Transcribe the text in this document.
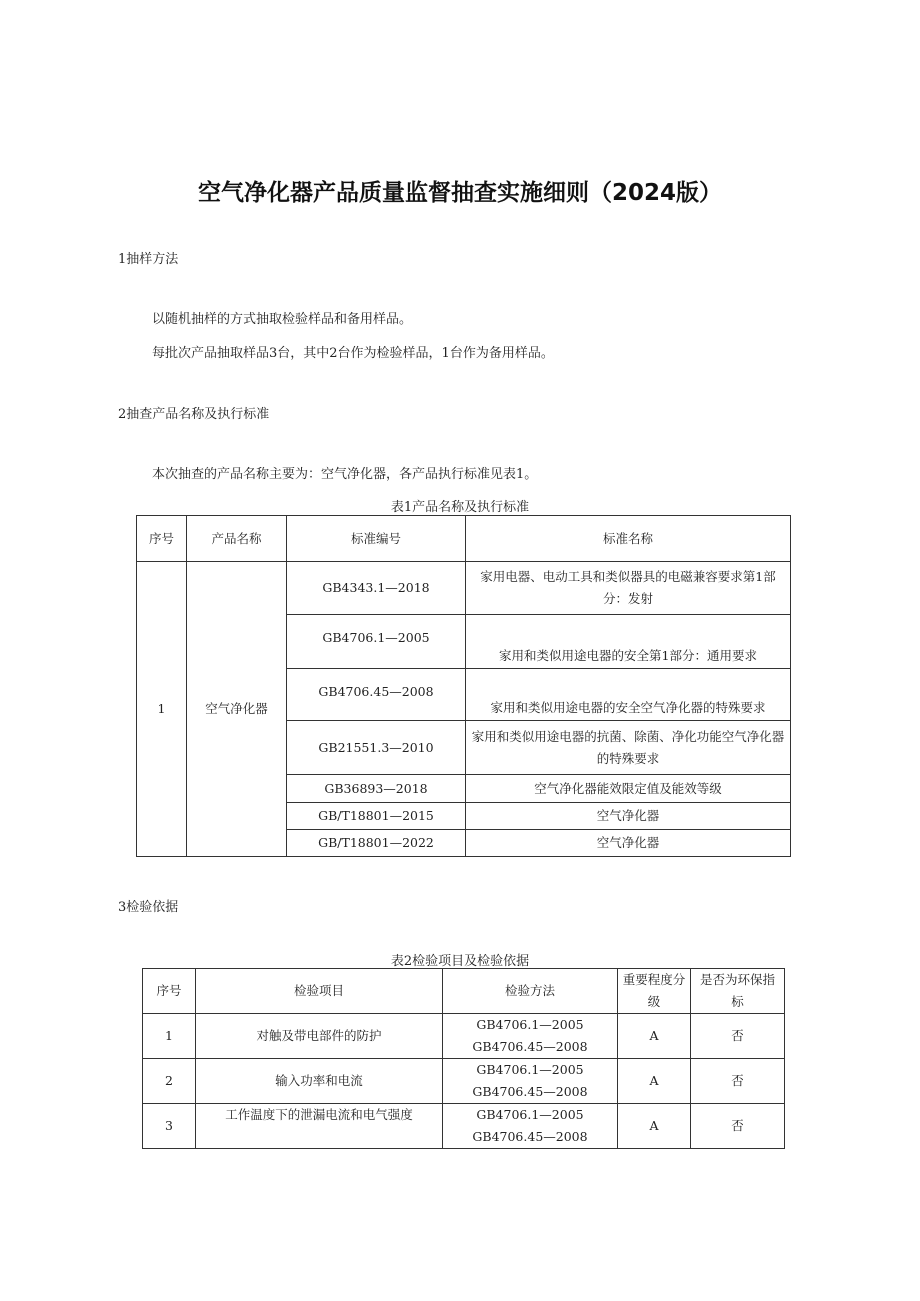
空气净化器产品质量监督抽查实施细则（2024版）
1抽样方法
以随机抽样的方式抽取检验样品和备用样品。
每批次产品抽取样品3台，其中2台作为检验样品，1台作为备用样品。
2抽查产品名称及执行标准
本次抽查的产品名称主要为：空气净化器，各产品执行标准见表1。
表1产品名称及执行标准
序号	产品名称	标准编号	标准名称
1	空气净化器	GB4343.1—2018	家用电器、电动工具和类似器具的电磁兼容要求第1部分：发射
		GB4706.1—2005	家用和类似用途电器的安全第1部分：通用要求
		GB4706.45—2008	家用和类似用途电器的安全空气净化器的特殊要求
		GB21551.3—2010	家用和类似用途电器的抗菌、除菌、净化功能空气净化器的特殊要求
		GB36893—2018	空气净化器能效限定值及能效等级
		GB/T18801—2015	空气净化器
		GB/T18801—2022	空气净化器
3检验依据
表2检验项目及检验依据
序号	检验项目	检验方法	重要程度分级	是否为环保指标
1	对触及带电部件的防护	GB4706.1—2005
GB4706.45—2008	A	否
2	输入功率和电流	GB4706.1—2005
GB4706.45—2008	A	否
3	工作温度下的泄漏电流和电气强度	GB4706.1—2005
GB4706.45—2008	A	否
